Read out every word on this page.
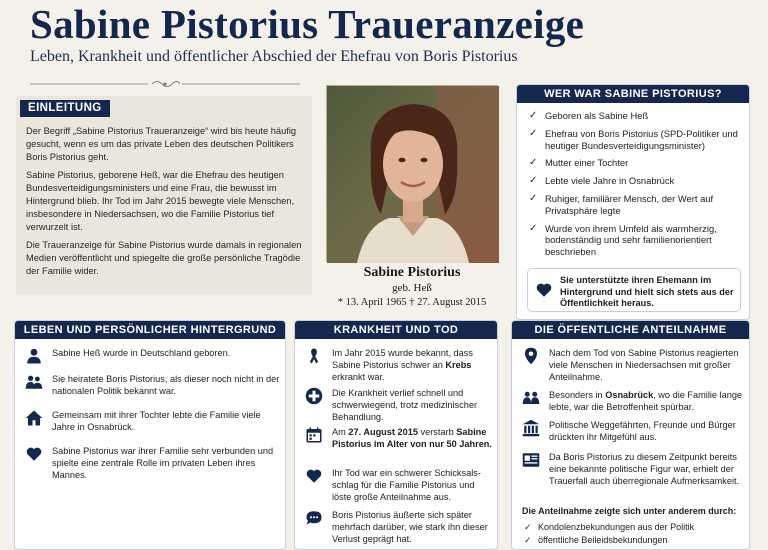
Sabine Pistorius Traueranzeige
Leben, Krankheit und öffentlicher Abschied der Ehefrau von Boris Pistorius
EINLEITUNG

Der Begriff „Sabine Pistorius Traueranzeige“ wird bis heute häufig gesucht, wenn es um das private Leben des deutschen Politikers Boris Pistorius geht.

Sabine Pistorius, geborene Heß, war die Ehefrau des heutigen Bundesverteidigungsministers und eine Frau, die bewusst im Hintergrund blieb. Ihr Tod im Jahr 2015 bewegte viele Menschen, insbesondere in Niedersachsen, wo die Familie Pistorius tief verwurzelt ist.

Die Traueranzeige für Sabine Pistorius wurde damals in regionalen Medien veröffentlicht und spiegelte die große persönliche Tragödie der Familie wider.	Sabine Pistorius
geb. Heß
* 13. April 1965 † 27. August 2015
WER WAR SABINE PISTORIUS?
✓ Geboren als Sabine Heß
✓ Ehefrau von Boris Pistorius (SPD-Politiker und heutiger Bundesverteidigungsminister)
✓ Mutter einer Tochter
✓ Lebte viele Jahre in Osnabrück
✓ Ruhiger, familiärer Mensch, der Wert auf Privatsphäre legte
✓ Wurde von ihrem Umfeld als warmherzig, bodenständig und sehr familienorientiert beschrieben
Sie unterstützte ihren Ehemann im Hintergrund und hielt sich stets aus der Öffentlichkeit heraus.
LEBEN UND PERSÖNLICHER HINTERGRUND
Sabine Heß wurde in Deutschland geboren.
Sie heiratete Boris Pistorius, als dieser noch nicht in der nationalen Politik bekannt war.
Gemeinsam mit ihrer Tochter lebte die Familie viele Jahre in Osnabrück.
Sabine Pistorius war ihrer Familie sehr verbunden und spielte eine zentrale Rolle im privaten Leben ihres Mannes.
KRANKHEIT UND TOD
Im Jahr 2015 wurde bekannt, dass Sabine Pistorius schwer an Krebs erkrankt war.
Die Krankheit verlief schnell und schwerwiegend, trotz medizinischer Behandlung.
Am 27. August 2015 verstarb Sabine Pistorius im Alter von nur 50 Jahren.
Ihr Tod war ein schwerer Schicksals-schlag für die Familie Pistorius und löste große Anteilnahme aus.
Boris Pistorius äußerte sich später mehrfach darüber, wie stark ihn dieser Verlust geprägt hat.
DIE ÖFFENTLICHE ANTEILNAHME
Nach dem Tod von Sabine Pistorius reagierten viele Menschen in Niedersachsen mit großer Anteilnahme.
Besonders in Osnabrück, wo die Familie lange lebte, war die Betroffenheit spürbar.
Politische Weggefährten, Freunde und Bürger drückten ihr Mitgefühl aus.
Da Boris Pistorius zu diesem Zeitpunkt bereits eine bekannte politische Figur war, erhielt der Trauerfall auch überregionale Aufmerksamkeit.
Die Anteilnahme zeigte sich unter anderem durch:
✓ Kondolenzbekundungen aus der Politik
✓ öffentliche Beileidsbekundungen
